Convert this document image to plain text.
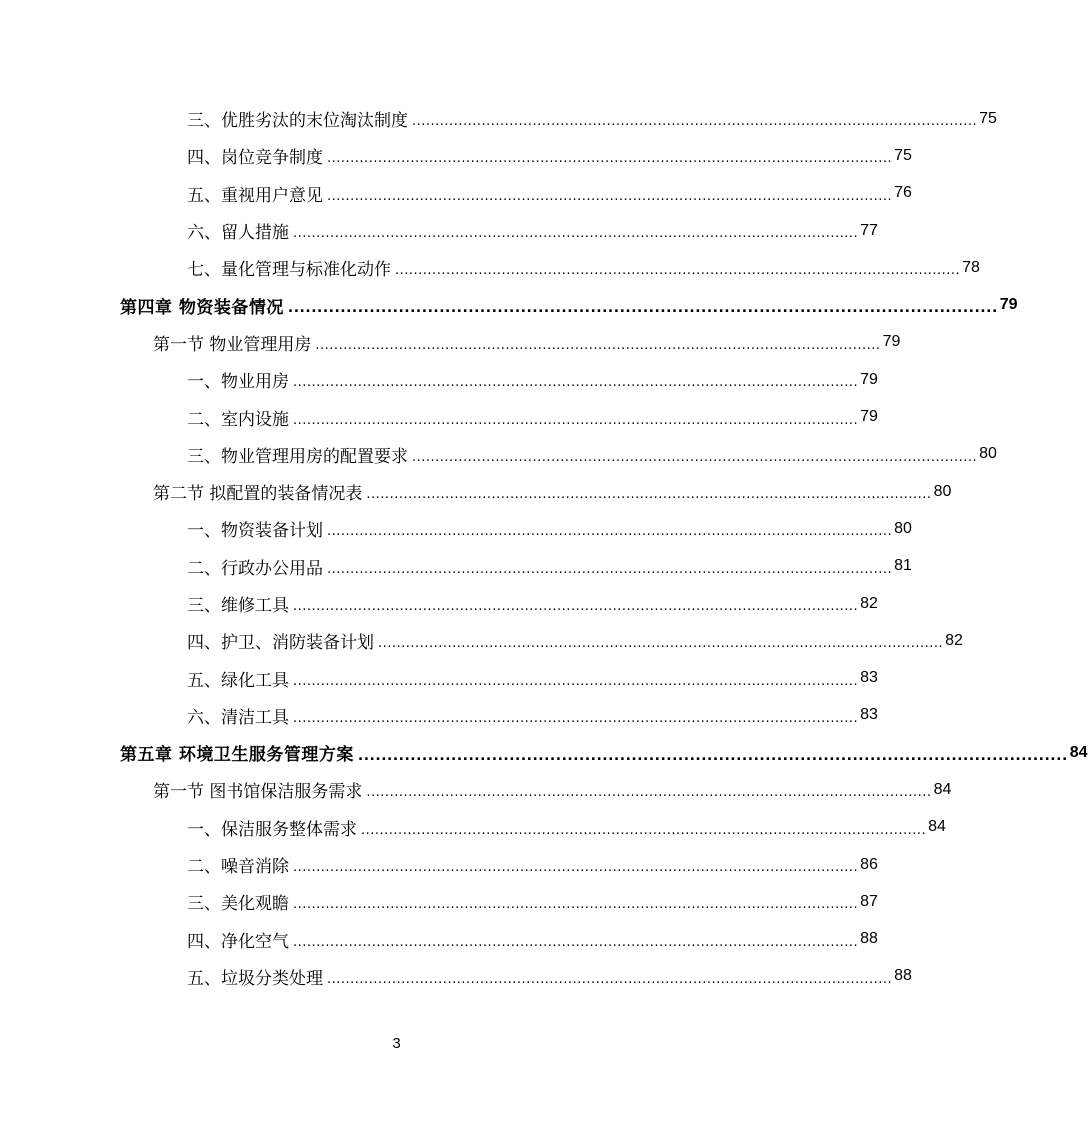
三、优胜劣汰的末位淘汰制度 .......................................................................................................................... 75
四、岗位竞争制度 .......................................................................................................................... 75
五、重视用户意见 .......................................................................................................................... 76
六、留人措施 .......................................................................................................................... 77
七、量化管理与标准化动作 .......................................................................................................................... 78
第四章 物资装备情况 .......................................................................................................................... 79
第一节 物业管理用房 .......................................................................................................................... 79
一、物业用房 .......................................................................................................................... 79
二、室内设施 .......................................................................................................................... 79
三、物业管理用房的配置要求 .......................................................................................................................... 80
第二节 拟配置的装备情况表 .......................................................................................................................... 80
一、物资装备计划 .......................................................................................................................... 80
二、行政办公用品 .......................................................................................................................... 81
三、维修工具 .......................................................................................................................... 82
四、护卫、消防装备计划 .......................................................................................................................... 82
五、绿化工具 .......................................................................................................................... 83
六、清洁工具 .......................................................................................................................... 83
第五章 环境卫生服务管理方案 .......................................................................................................................... 84
第一节 图书馆保洁服务需求 .......................................................................................................................... 84
一、保洁服务整体需求 .......................................................................................................................... 84
二、噪音消除 .......................................................................................................................... 86
三、美化观瞻 .......................................................................................................................... 87
四、净化空气 .......................................................................................................................... 88
五、垃圾分类处理 .......................................................................................................................... 88
3
